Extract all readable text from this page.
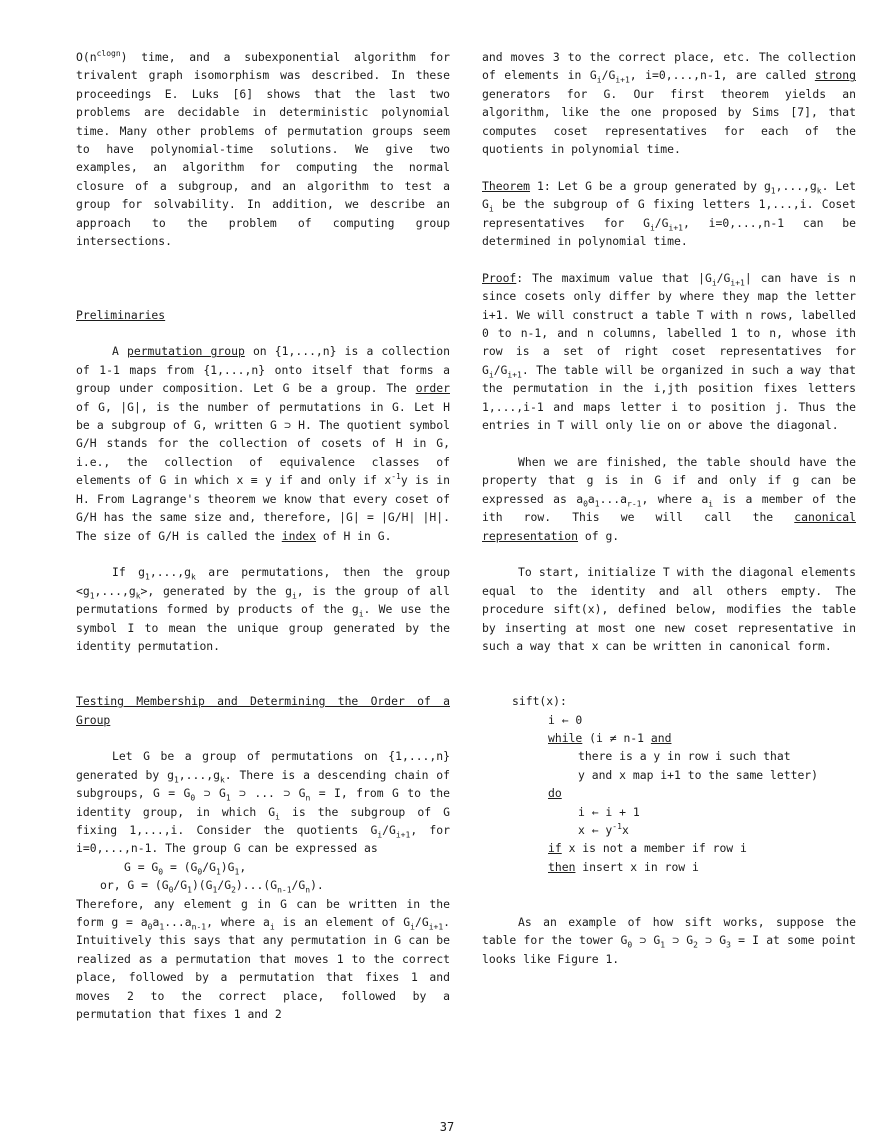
$O(n^{clogn})$ time, and a subexponential algorithm for trivalent graph isomorphism was described. In these proceedings E. Luks [6] shows that the last two problems are decidable in deterministic polynomial time. Many other problems of permutation groups seem to have polynomial-time solutions. We give two examples, an algorithm for computing the normal closure of a subgroup, and an algorithm to test a group for solvability. In addition, we describe an approach to the problem of computing group intersections.

Preliminaries

A permutation group on {1,...,n} is a collection of 1-1 maps from {1,...,n} onto itself that forms a group under composition. Let G be a group. The order of G, |G|, is the number of permutations in G. Let H be a subgroup of G, written G ⊃ H. The quotient symbol G/H stands for the collection of cosets of H in G, i.e., the collection of equivalence classes of elements of G in which x ≡ y if and only if $x^{-1}y$ is in H. From Lagrange's theorem we know that every coset of G/H has the same size and, therefore, |G| = |G/H| |H|. The size of G/H is called the index of H in G.

If $g_1,...,g_k$ are permutations, then the group $<g_1,...,g_k>$, generated by the $g_i$, is the group of all permutations formed by products of the $g_i$. We use the symbol I to mean the unique group generated by the identity permutation.

Testing Membership and Determining the Order of a Group

Let G be a group of permutations on {1,...,n} generated by $g_1,...,g_k$. There is a descending chain of subgroups, $G = G_0$ ⊃ $G_1$ ⊃ ... ⊃ $G_n = I$, from G to the identity group, in which $G_i$ is the subgroup of G fixing 1,...,i. Consider the quotients $G_i/G_{i+1}$, for i=0,...,n-1. The group G can be expressed as

$G = G_0 = (G_0/G_1)G_1$,

or, $G = (G_0/G_1)(G_1/G_2)...(G_{n-1}/G_n)$.

Therefore, any element g in G can be written in the form $g = a_0a_1...a_{n-1}$, where $a_i$ is an element of $G_i/G_{i+1}$. Intuitively this says that any permutation in G can be realized as a permutation that moves 1 to the correct place, followed by a permutation that fixes 1 and moves 2 to the correct place, followed by a permutation that fixes 1 and 2

and moves 3 to the correct place, etc. The collection of elements in $G_i/G_{i+1}$, i=0,...,n-1, are called strong generators for G. Our first theorem yields an algorithm, like the one proposed by Sims [7], that computes coset representatives for each of the quotients in polynomial time.

Theorem 1: Let G be a group generated by $g_1,...,g_k$. Let $G_i$ be the subgroup of G fixing letters 1,...,i. Coset representatives for $G_i/G_{i+1}$, i=0,...,n-1 can be determined in polynomial time.

Proof: The maximum value that $|G_i/G_{i+1}|$ can have is n since cosets only differ by where they map the letter i+1. We will construct a table T with n rows, labelled 0 to n-1, and n columns, labelled 1 to n, whose ith row is a set of right coset representatives for $G_i/G_{i+1}$. The table will be organized in such a way that the permutation in the i,jth position fixes letters 1,...,i-1 and maps letter i to position j. Thus the entries in T will only lie on or above the diagonal.

When we are finished, the table should have the property that g is in G if and only if g can be expressed as $a_0a_1...a_{r-1}$, where $a_i$ is a member of the ith row. This we will call the canonical representation of g.

To start, initialize T with the diagonal elements equal to the identity and all others empty. The procedure sift(x), defined below, modifies the table by inserting at most one new coset representative in such a way that x can be written in canonical form.

sift(x):

i ← 0

while (i ≠ n-1 and

there is a y in row i such that

y and x map i+1 to the same letter)

do

i ← i + 1

x ← $y^{-1}x$

if x is not a member if row i

then insert x in row i

As an example of how sift works, suppose the table for the tower $G_0$ ⊃ $G_1$ ⊃ $G_2$ ⊃ $G_3 = I$ at some point looks like Figure 1.

37
